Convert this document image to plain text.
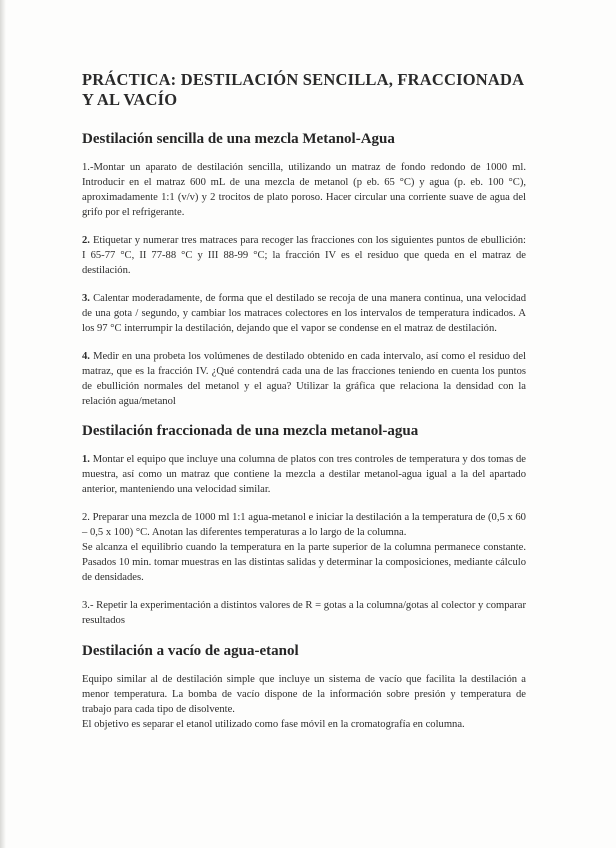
PRÁCTICA: DESTILACIÓN SENCILLA, FRACCIONADA Y AL VACÍO
Destilación sencilla de una mezcla Metanol-Agua

1.-Montar un aparato de destilación sencilla, utilizando un matraz de fondo redondo de 1000 ml. Introducir en el matraz 600 mL de una mezcla de metanol (p eb. 65 °C) y agua (p. eb. 100 °C), aproximadamente 1:1 (v/v) y 2 trocitos de plato poroso. Hacer circular una corriente suave de agua del grifo por el refrigerante.

2. Etiquetar y numerar tres matraces para recoger las fracciones con los siguientes puntos de ebullición: I 65-77 °C, II 77-88 °C y III 88-99 °C; la fracción IV es el residuo que queda en el matraz de destilación.

3. Calentar moderadamente, de forma que el destilado se recoja de una manera continua, una velocidad de una gota / segundo, y cambiar los matraces colectores en los intervalos de temperatura indicados. A los 97 °C interrumpir la destilación, dejando que el vapor se condense en el matraz de destilación.

4. Medir en una probeta los volúmenes de destilado obtenido en cada intervalo, así como el residuo del matraz, que es la fracción IV. ¿Qué contendrá cada una de las fracciones teniendo en cuenta los puntos de ebullición normales del metanol y el agua? Utilizar la gráfica que relaciona la densidad con la relación agua/metanol

Destilación fraccionada de una mezcla metanol-agua

1. Montar el equipo que incluye una columna de platos con tres controles de temperatura y dos tomas de muestra, así como un matraz que contiene la mezcla a destilar metanol-agua igual a la del apartado anterior, manteniendo una velocidad similar.

2. Preparar una mezcla de 1000 ml 1:1 agua-metanol e iniciar la destilación a la temperatura de (0,5 x 60 – 0,5 x 100) °C. Anotan las diferentes temperaturas a lo largo de la columna.

Se alcanza el equilibrio cuando la temperatura en la parte superior de la columna permanece constante. Pasados 10 min. tomar muestras en las distintas salidas y determinar la composiciones, mediante cálculo de densidades.

3.- Repetir la experimentación a distintos valores de R = gotas a la columna/gotas al colector y comparar resultados

Destilación a vacío de agua-etanol

Equipo similar al de destilación simple que incluye un sistema de vacío que facilita la destilación a menor temperatura. La bomba de vacío dispone de la información sobre presión y temperatura de trabajo para cada tipo de disolvente.

El objetivo es separar el etanol utilizado como fase móvil en la cromatografía en columna.
